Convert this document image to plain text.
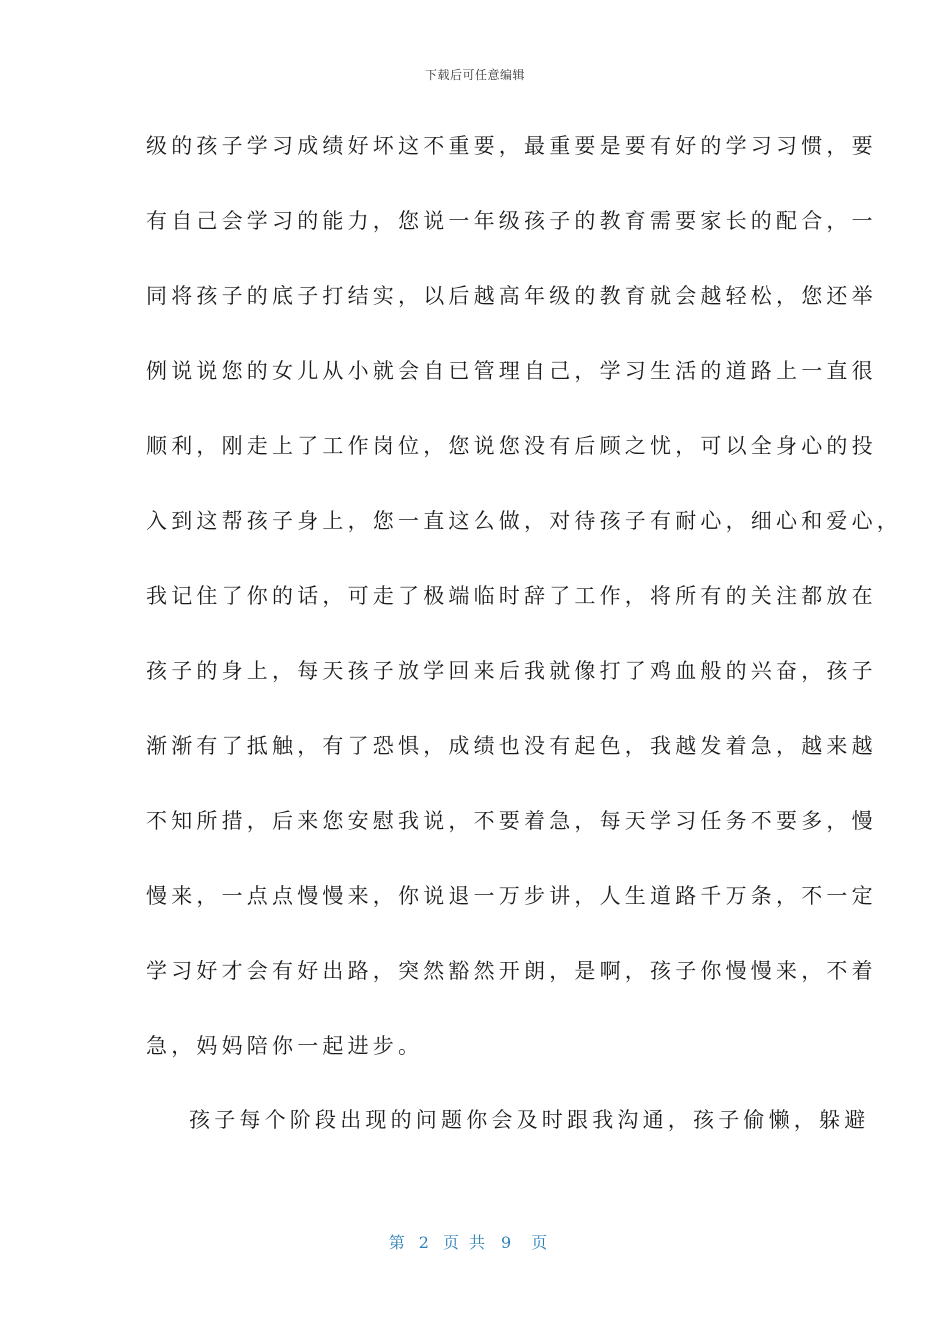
下载后可任意编辑
级的孩子学习成绩好坏这不重要，最重要是要有好的学习习惯，要
有自己会学习的能力，您说一年级孩子的教育需要家长的配合，一
同将孩子的底子打结实，以后越高年级的教育就会越轻松，您还举
例说说您的女儿从小就会自已管理自己，学习生活的道路上一直很
顺利，刚走上了工作岗位，您说您没有后顾之忧，可以全身心的投
入到这帮孩子身上，您一直这么做，对待孩子有耐心，细心和爱心，
我记住了你的话，可走了极端临时辞了工作，将所有的关注都放在
孩子的身上，每天孩子放学回来后我就像打了鸡血般的兴奋，孩子
渐渐有了抵触，有了恐惧，成绩也没有起色，我越发着急，越来越
不知所措，后来您安慰我说，不要着急，每天学习任务不要多，慢
慢来，一点点慢慢来，你说退一万步讲，人生道路千万条，不一定
学习好才会有好出路，突然豁然开朗，是啊，孩子你慢慢来，不着
急，妈妈陪你一起进步。
孩子每个阶段出现的问题你会及时跟我沟通，孩子偷懒，躲避
第 2 页共 9 页
